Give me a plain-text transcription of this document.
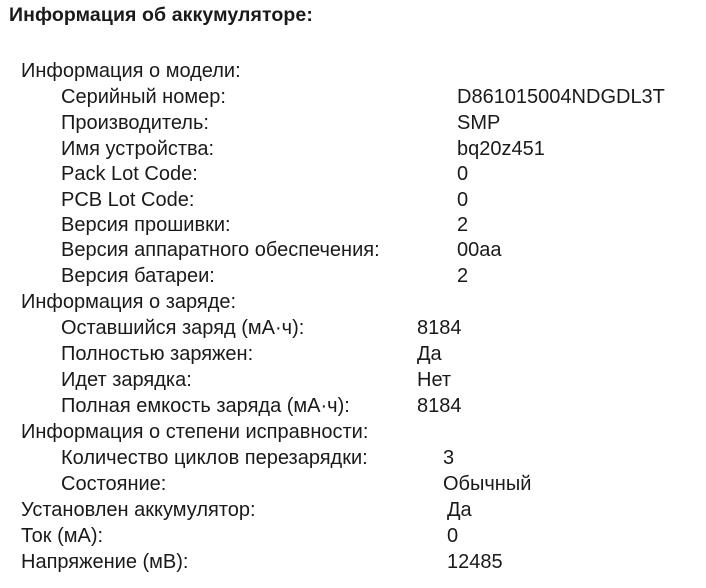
Информация об аккумуляторе:
Информация о модели:
Серийный номер:	D861015004NDGDL3T
Производитель:	SMP
Имя устройства:	bq20z451
Pack Lot Code:	0
PCB Lot Code:	0
Версия прошивки:	2
Версия аппаратного обеспечения:	00aa
Версия батареи:	2
Информация о заряде:
Оставшийся заряд (мА·ч):	8184
Полностью заряжен:	Да
Идет зарядка:	Нет
Полная емкость заряда (мА·ч):	8184
Информация о степени исправности:
Количество циклов перезарядки:	3
Состояние:	Обычный
Установлен аккумулятор:	Да
Ток (мА):	0
Напряжение (мВ):	12485
